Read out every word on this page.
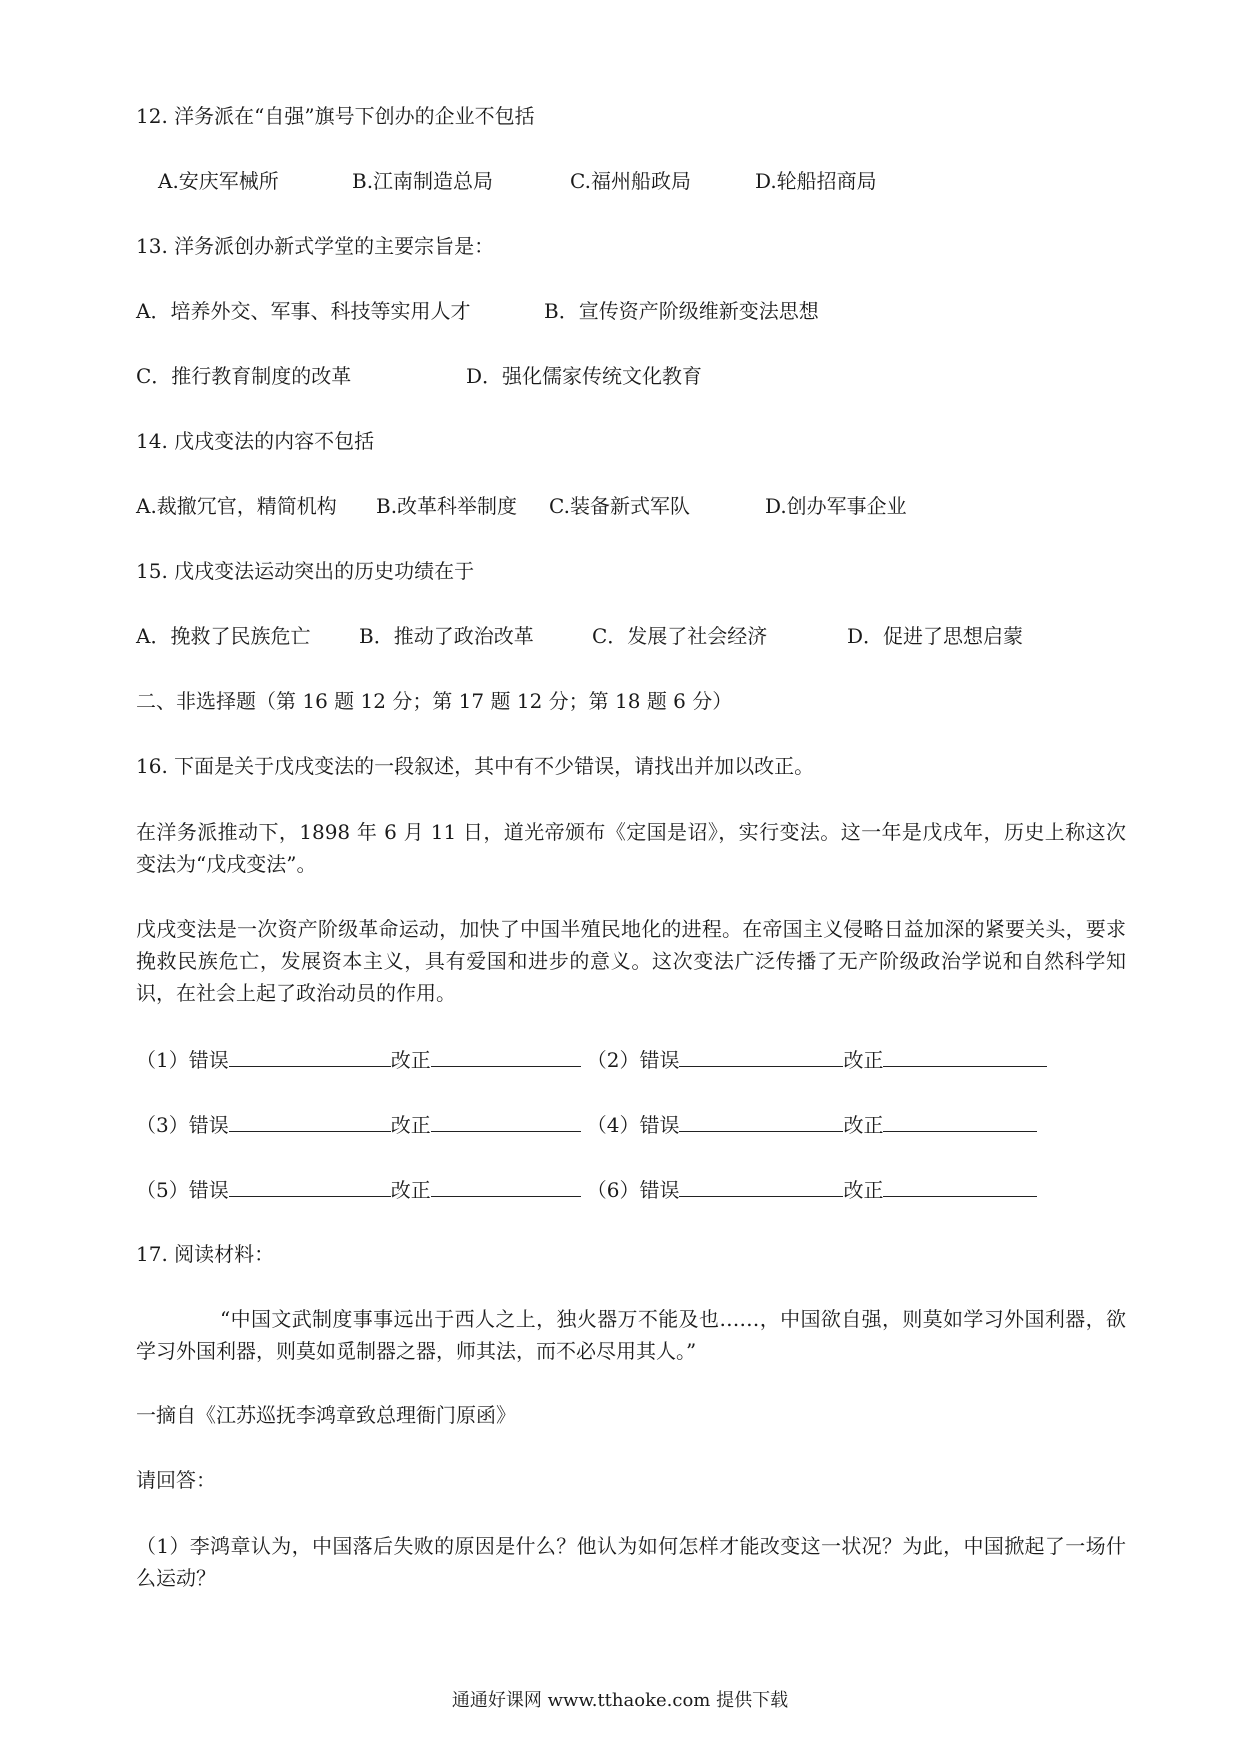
12. 洋务派在“自强”旗号下创办的企业不包括
A.安庆军械所	B.江南制造总局	C.福州船政局	D.轮船招商局
13. 洋务派创办新式学堂的主要宗旨是：
A．培养外交、军事、科技等实用人才	B．宣传资产阶级维新变法思想
C．推行教育制度的改革	D．强化儒家传统文化教育
14. 戊戌变法的内容不包括
A.裁撤冗官，精简机构 B.改革科举制度 C.装备新式军队	D.创办军事企业
15. 戊戌变法运动突出的历史功绩在于
A．挽救了民族危亡 B．推动了政治改革	C．发展了社会经济	D．促进了思想启蒙
二、非选择题（第 16 题 12 分；第 17 题 12 分；第 18 题 6 分）
16. 下面是关于戊戌变法的一段叙述，其中有不少错误，请找出并加以改正。
在洋务派推动下，1898 年 6 月 11 日，道光帝颁布《定国是诏》，实行变法。这一年是戊戌年，历史上称这次变法为“戊戌变法”。
戊戌变法是一次资产阶级革命运动，加快了中国半殖民地化的进程。在帝国主义侵略日益加深的紧要关头，要求挽救民族危亡，发展资本主义，具有爱国和进步的意义。这次变法广泛传播了无产阶级政治学说和自然科学知识，在社会上起了政治动员的作用。
（1）错误	改正	（2）错误	改正
（3）错误	改正	（4）错误	改正
（5）错误	改正	（6）错误	改正
17. 阅读材料：
“中国文武制度事事远出于西人之上，独火器万不能及也……，中国欲自强，则莫如学习外国利器，欲学习外国利器，则莫如觅制器之器，师其法，而不必尽用其人。”
一摘自《江苏巡抚李鸿章致总理衙门原函》
请回答：
（1）李鸿章认为，中国落后失败的原因是什么？他认为如何怎样才能改变这一状况？为此，中国掀起了一场什么运动？
通通好课网 www.tthaoke.com 提供下载
